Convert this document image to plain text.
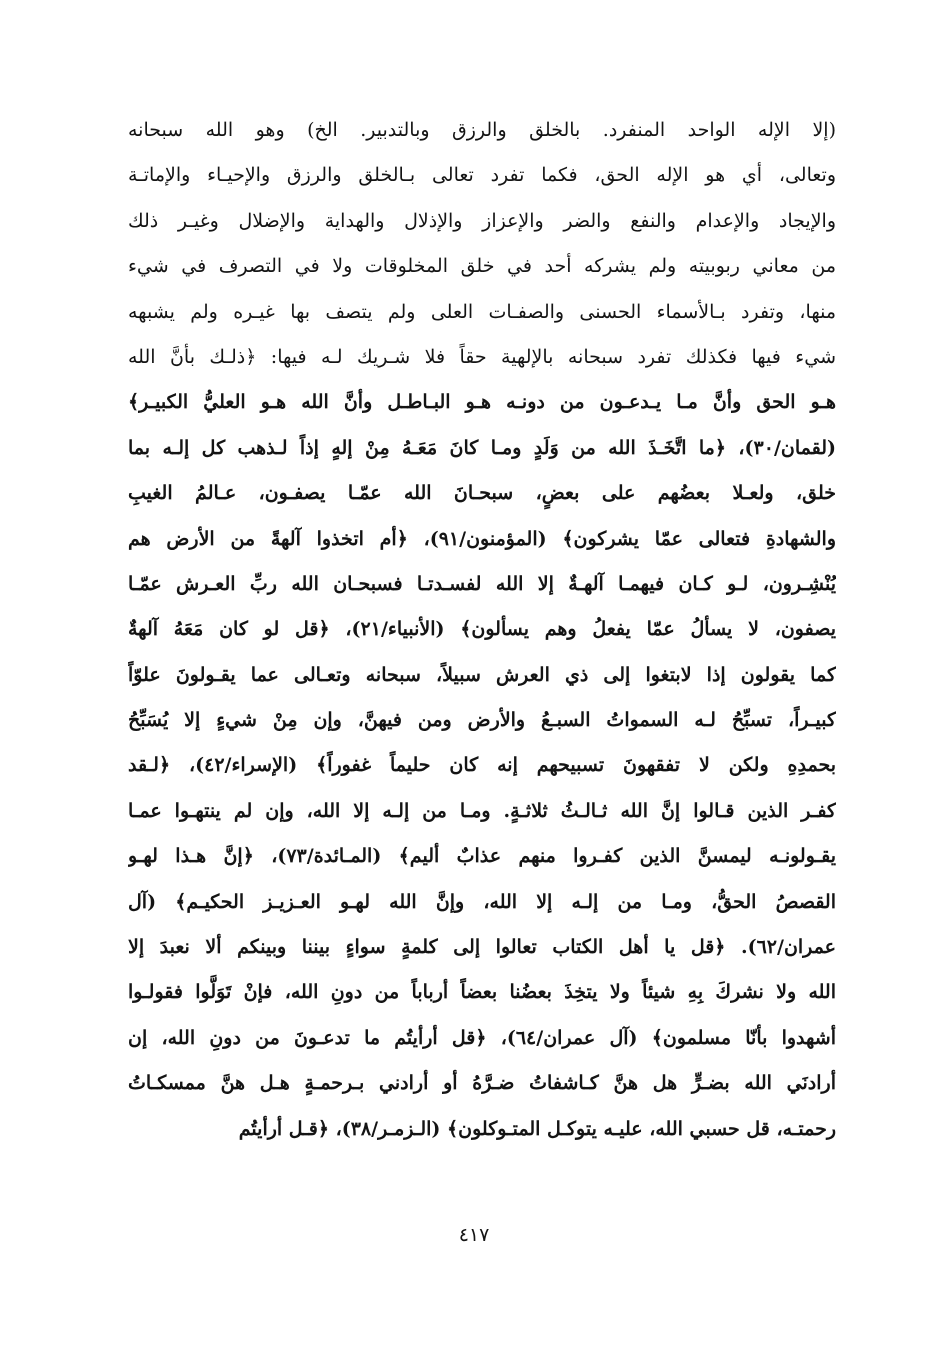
(إلا الإله الواحد المنفرد. بالخلق والرزق وبالتدبير. الخ) وهو الله سبحانه
وتعالى، أي هو الإله الحق، فكما تفرد تعالى بـالخلق والرزق والإحيـاء والإماتـة
والإيجاد والإعدام والنفع والضر والإعزاز والإذلال والهداية والإضلال وغيـر ذلك
من معاني ربوبيته ولم يشركه أحد في خلق المخلوقات ولا في التصرف في شيء
منها، وتفرد بـالأسماء الحسنى والصفـات العلى ولم يتصف بها غيـره ولم يشبهه
شيء فيها فكذلك تفرد سبحانه بالإلهية حقاً فلا شـريك لـه فيها: ﴿ذلـك بأنَّ الله
هـو الحق وأنَّ مـا يـدعـون من دونـه هـو البـاطـل وأنَّ الله هـو العليُّ الكبيـر﴾
(لقمان/٣٠)، ﴿ما اتَّخَـذَ الله من وَلَدٍ ومـا كانَ مَعَـهُ مِنْ إلهٍ إذاً لـذهب كل إلـه بما
خلق، ولعـلا بعضُهم على بعضٍ، سبحـانَ الله عمّـا يصفـون، عـالمُ الغيبِ
والشهادةِ فتعالى عمّا يشركون﴾ (المؤمنون/٩١)، ﴿أم اتخذوا آلهةً من الأرض هم
يُنْشِـرون، لـو كـان فيهمـا آلهـةٌ إلا الله لفسـدتـا فسبحـان الله ربِّ العـرش عمّـا
يصفون، لا يسألُ عمّا يفعلُ وهم يسألون﴾ (الأنبياء/٢١)، ﴿قل لو كان مَعَهُ آلهةٌ
كما يقولون إذا لابتغوا إلى ذي العرش سبيلاً، سبحانه وتعـالى عما يقـولونَ علوّاً
كبيـراً، تسبِّحُ لـه السمواتُ السبـعُ والأرض ومن فيهنَّ، وإن مِنْ شيءٍ إلا يُسَبِّحُ
بحمدِهِ ولكن لا تفقهونَ تسبيحهم إنه كان حليماً غفوراً﴾ (الإسراء/٤٢)، ﴿لـقد
كفـر الذين قـالوا إنَّ الله ثـالـثُ ثلاثـةٍ. ومـا من إلـه إلا الله، وإن لم ينتهـوا عمـا
يقـولونـه ليمسنَّ الذين كفـروا منهم عذابٌ أليم﴾ (المـائدة/٧٣)، ﴿إنَّ هـذا لهـو
القصصُ الحقُّ، ومـا من إلـه إلا الله، وإنَّ الله لهـو العـزيـز الحكيـم﴾ (آل
عمران/٦٢). ﴿قل يا أهل الكتاب تعالوا إلى كلمةٍ سواءٍ بيننا وبينكم ألا نعبدَ إلا
الله ولا نشركَ بِهِ شيئاً ولا يتخِذَ بعضُنا بعضاً أرباباً من دونِ الله، فإنْ تَوَلَّوا فقولـوا
أشهدوا بأنّا مسلمون﴾ (آل عمران/٦٤)، ﴿قل أرأيتُم ما تدعـونَ من دونِ الله، إن
أرادنَي الله بضـرٍّ هل هنَّ كـاشفاتُ ضـرَّهُ أو أرادني بـرحمـةٍ هـل هنَّ ممسكـاتُ
رحمتـه، قل حسبي الله، عليـه يتوكـل المتـوكلون﴾ (الـزمـر/٣٨)، ﴿قـل أرأيتُم
٤١٧
